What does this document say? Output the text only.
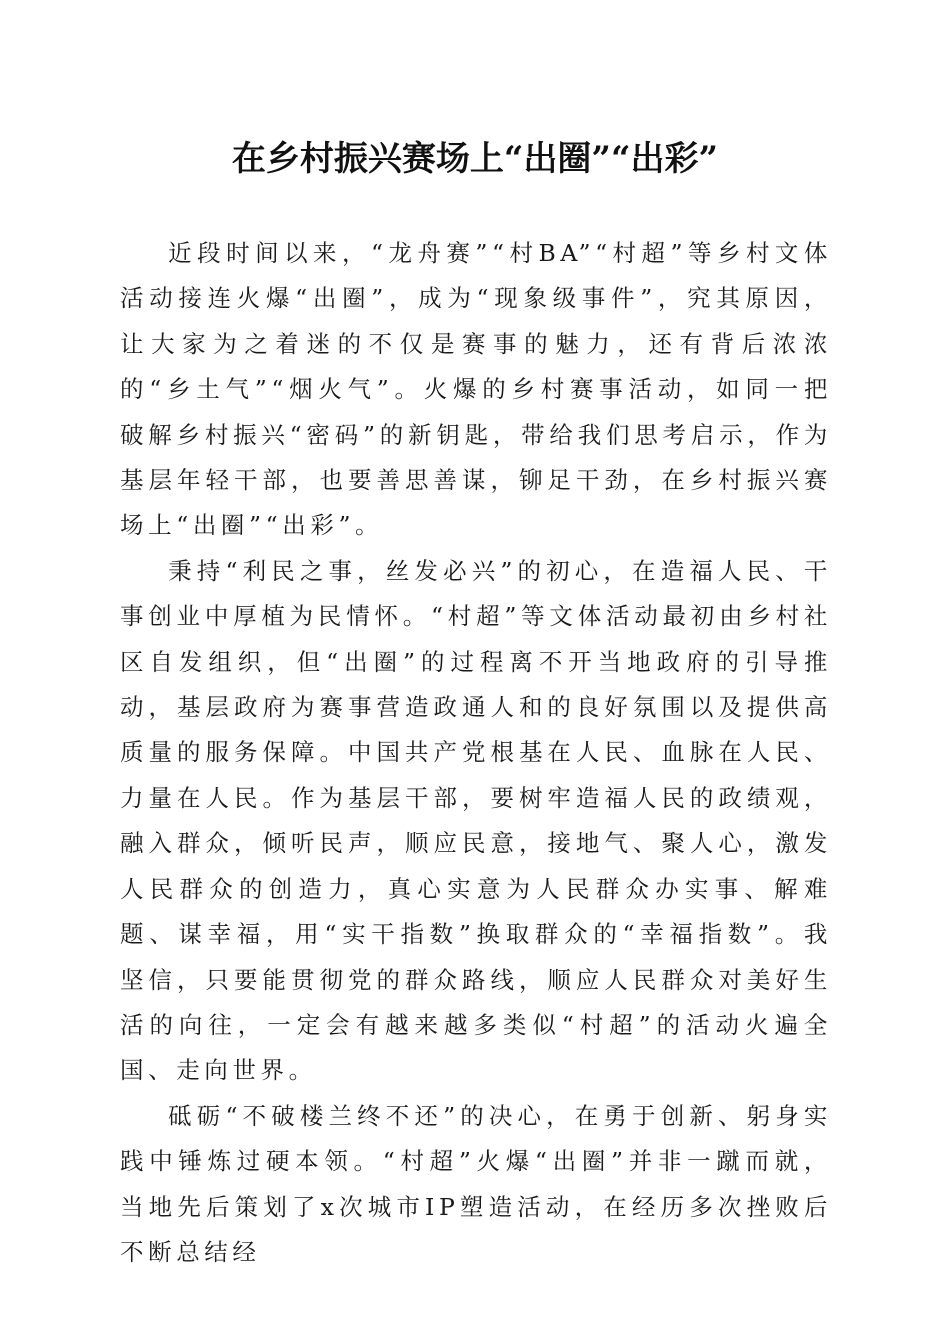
在乡村振兴赛场上“出圈”“出彩”

近段时间以来，“龙舟赛”“村BA”“村超”等乡村文体活动接连火爆“出圈”，成为“现象级事件”，究其原因，让大家为之着迷的不仅是赛事的魅力，还有背后浓浓的“乡土气”“烟火气”。火爆的乡村赛事活动，如同一把破解乡村振兴“密码”的新钥匙，带给我们思考启示，作为基层年轻干部，也要善思善谋，铆足干劲，在乡村振兴赛场上“出圈”“出彩”。

秉持“利民之事，丝发必兴”的初心，在造福人民、干事创业中厚植为民情怀。“村超”等文体活动最初由乡村社区自发组织，但“出圈”的过程离不开当地政府的引导推动，基层政府为赛事营造政通人和的良好氛围以及提供高质量的服务保障。中国共产党根基在人民、血脉在人民、力量在人民。作为基层干部，要树牢造福人民的政绩观，融入群众，倾听民声，顺应民意，接地气、聚人心，激发人民群众的创造力，真心实意为人民群众办实事、解难题、谋幸福，用“实干指数”换取群众的“幸福指数”。我坚信，只要能贯彻党的群众路线，顺应人民群众对美好生活的向往，一定会有越来越多类似“村超”的活动火遍全国、走向世界。

砥砺“不破楼兰终不还”的决心，在勇于创新、躬身实践中锤炼过硬本领。“村超”火爆“出圈”并非一蹴而就，当地先后策划了x次城市IP塑造活动，在经历多次挫败后不断总结经
